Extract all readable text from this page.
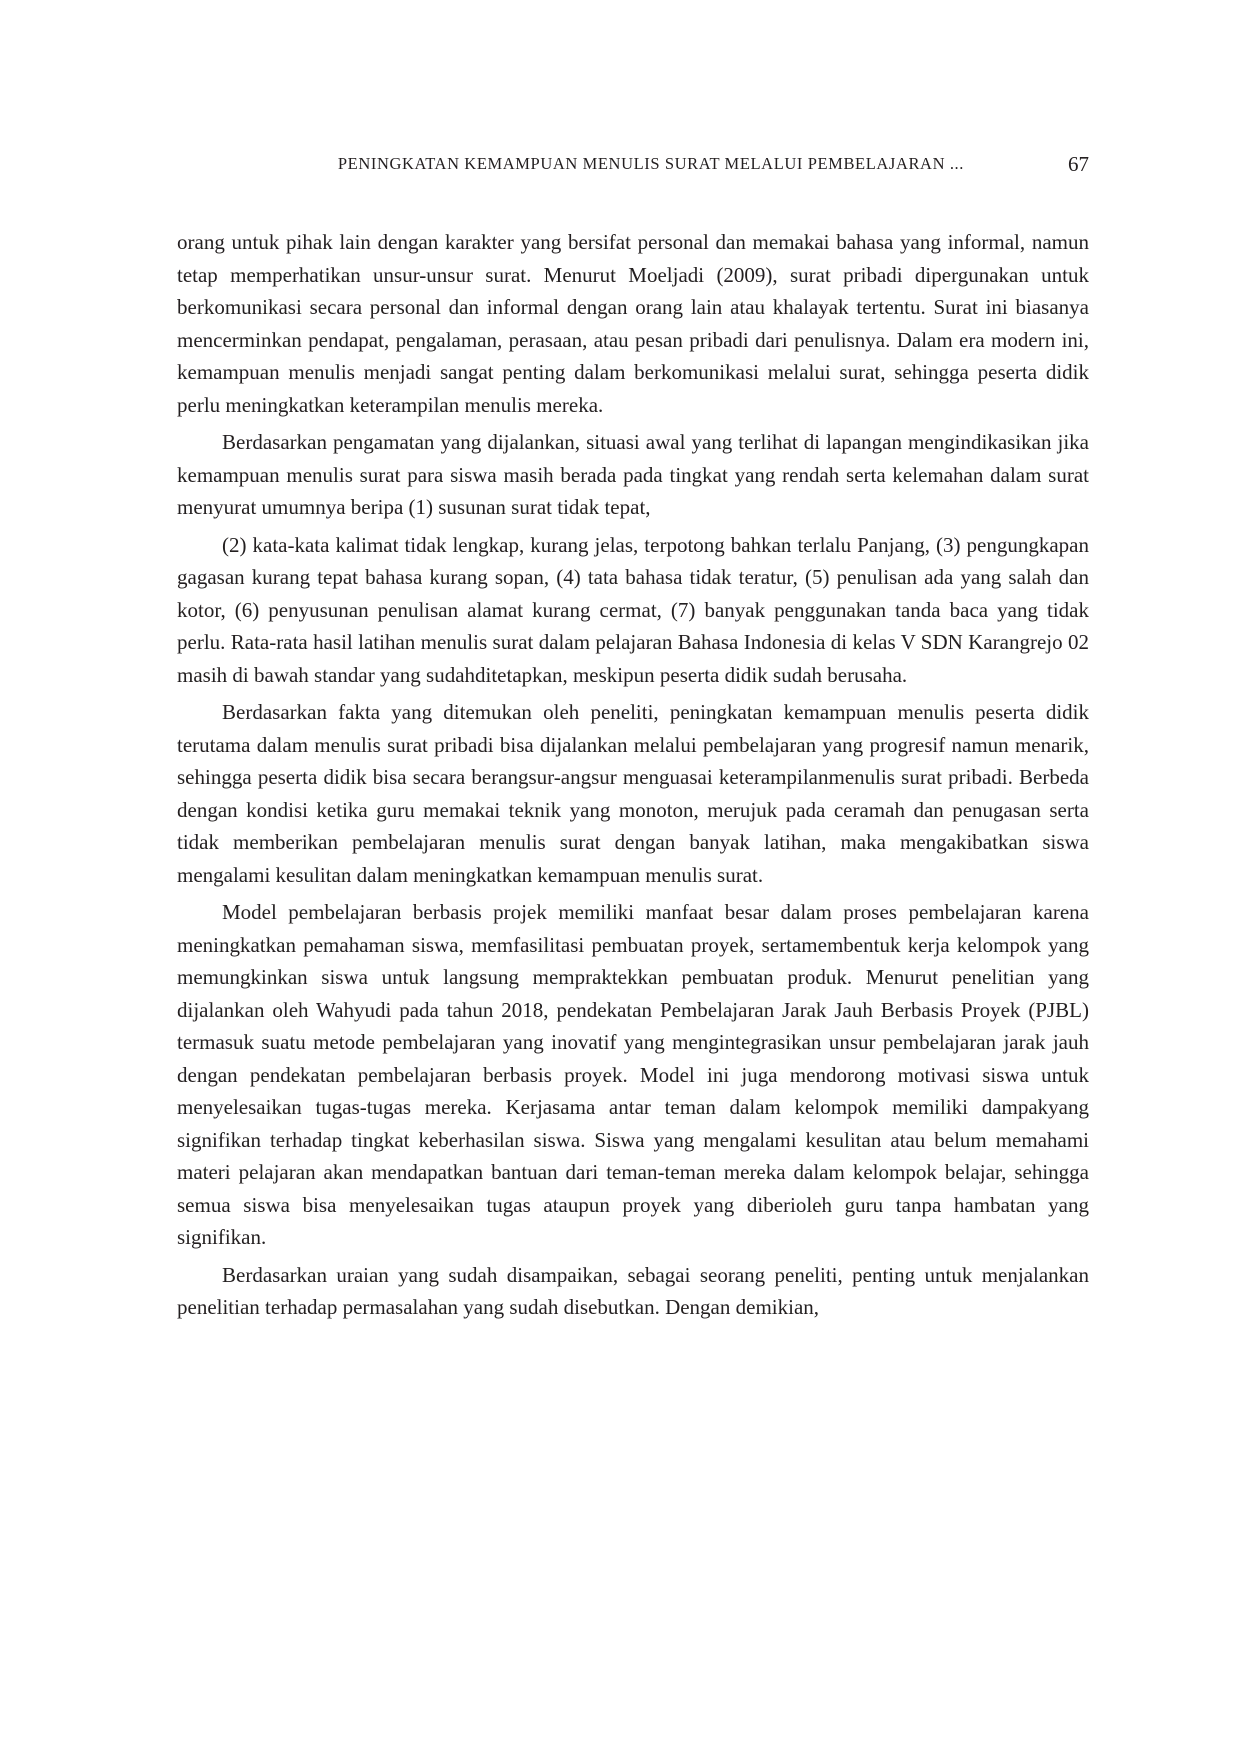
PENINGKATAN KEMAMPUAN MENULIS SURAT MELALUI PEMBELAJARAN ...	67

orang untuk pihak lain dengan karakter yang bersifat personal dan memakai bahasa yang informal, namun tetap memperhatikan unsur-unsur surat. Menurut Moeljadi (2009), surat pribadi dipergunakan untuk berkomunikasi secara personal dan informal dengan orang lain atau khalayak tertentu. Surat ini biasanya mencerminkan pendapat, pengalaman, perasaan, atau pesan pribadi dari penulisnya. Dalam era modern ini, kemampuan menulis menjadi sangat penting dalam berkomunikasi melalui surat, sehingga peserta didik perlu meningkatkan keterampilan menulis mereka.

Berdasarkan pengamatan yang dijalankan, situasi awal yang terlihat di lapangan mengindikasikan jika kemampuan menulis surat para siswa masih berada pada tingkat yang rendah serta kelemahan dalam surat menyurat umumnya beripa (1) susunan surat tidak tepat,

(2) kata-kata kalimat tidak lengkap, kurang jelas, terpotong bahkan terlalu Panjang, (3) pengungkapan gagasan kurang tepat bahasa kurang sopan, (4) tata bahasa tidak teratur, (5) penulisan ada yang salah dan kotor, (6) penyusunan penulisan alamat kurang cermat, (7) banyak penggunakan tanda baca yang tidak perlu. Rata-rata hasil latihan menulis surat dalam pelajaran Bahasa Indonesia di kelas V SDN Karangrejo 02 masih di bawah standar yang sudahditetapkan, meskipun peserta didik sudah berusaha.

Berdasarkan fakta yang ditemukan oleh peneliti, peningkatan kemampuan menulis peserta didik terutama dalam menulis surat pribadi bisa dijalankan melalui pembelajaran yang progresif namun menarik, sehingga peserta didik bisa secara berangsur-angsur menguasai keterampilanmenulis surat pribadi. Berbeda dengan kondisi ketika guru memakai teknik yang monoton, merujuk pada ceramah dan penugasan serta tidak memberikan pembelajaran menulis surat dengan banyak latihan, maka mengakibatkan siswa mengalami kesulitan dalam meningkatkan kemampuan menulis surat.

Model pembelajaran berbasis projek memiliki manfaat besar dalam proses pembelajaran karena meningkatkan pemahaman siswa, memfasilitasi pembuatan proyek, sertamembentuk kerja kelompok yang memungkinkan siswa untuk langsung mempraktekkan pembuatan produk. Menurut penelitian yang dijalankan oleh Wahyudi pada tahun 2018, pendekatan Pembelajaran Jarak Jauh Berbasis Proyek (PJBL) termasuk suatu metode pembelajaran yang inovatif yang mengintegrasikan unsur pembelajaran jarak jauh dengan pendekatan pembelajaran berbasis proyek. Model ini juga mendorong motivasi siswa untuk menyelesaikan tugas-tugas mereka. Kerjasama antar teman dalam kelompok memiliki dampakyang signifikan terhadap tingkat keberhasilan siswa. Siswa yang mengalami kesulitan atau belum memahami materi pelajaran akan mendapatkan bantuan dari teman-teman mereka dalam kelompok belajar, sehingga semua siswa bisa menyelesaikan tugas ataupun proyek yang diberioleh guru tanpa hambatan yang signifikan.

Berdasarkan uraian yang sudah disampaikan, sebagai seorang peneliti, penting untuk menjalankan penelitian terhadap permasalahan yang sudah disebutkan. Dengan demikian,
